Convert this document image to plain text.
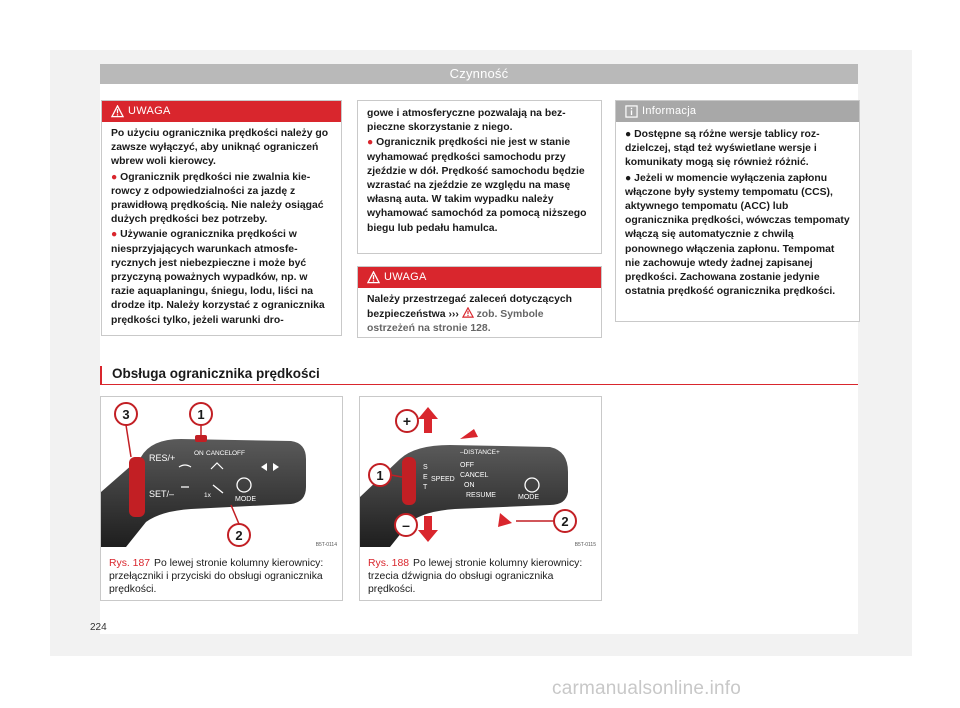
Czynność
UWAGA

Po użyciu ogranicznika prędkości należy go zawsze wyłączyć, aby uniknąć ograniczeń wbrew woli kierowcy.

● Ogranicznik prędkości nie zwalnia kierowcy z odpowiedzialności za jazdę z prawidłową prędkością. Nie należy osiągać dużych prędkości bez potrzeby.

● Używanie ogranicznika prędkości w niesprzyjających warunkach atmosferycznych jest niebezpieczne i może być przyczyną poważnych wypadków, np. w razie aquaplaningu, śniegu, lodu, liści na drodze itp. Należy korzystać z ogranicznika prędkości tylko, jeżeli warunki dro-

gowe i atmosferyczne pozwalają na bezpieczne skorzystanie z niego.

● Ogranicznik prędkości nie jest w stanie wyhamować prędkości samochodu przy zjeździe w dół. Prędkość samochodu będzie wzrastać na zjeździe ze względu na masę własną auta. W takim wypadku należy wyhamować samochód za pomocą niższego biegu lub pedału hamulca.

UWAGA

Należy przestrzegać zaleceń dotyczących bezpieczeństwa ››› zob. Symbole ostrzeżeń na stronie 128.

Informacja

● Dostępne są różne wersje tablicy rozdzielczej, stąd też wyświetlane wersje i komunikaty mogą się również różnić.

● Jeżeli w momencie wyłączenia zapłonu włączone były systemy tempomatu (CCS), aktywnego tempomatu (ACC) lub ogranicznika prędkości, wówczas tempomaty włączą się automatycznie z chwilą ponownego włączenia zapłonu. Tempomat nie zachowuje wtedy żadnej zapisanej prędkości. Zachowana zostanie jedynie ostatnia prędkość ogranicznika prędkości.

Obsługa ogranicznika prędkości
RES/+
SET/–
ON CANCEL OFF
1x
MODE
3	1
2
B5T-0114
Rys. 187 Po lewej stronie kolumny kierownicy: przełączniki i przyciski do obsługi ogranicznika prędkości.
–DISTANCE+
S
E
T
SPEED
OFF
CANCEL
ON
RESUME	MODE
+
1
–	2
B5T-0115
Rys. 188 Po lewej stronie kolumny kierownicy: trzecia dźwignia do obsługi ogranicznika prędkości.
224
carmanualsonline.info
